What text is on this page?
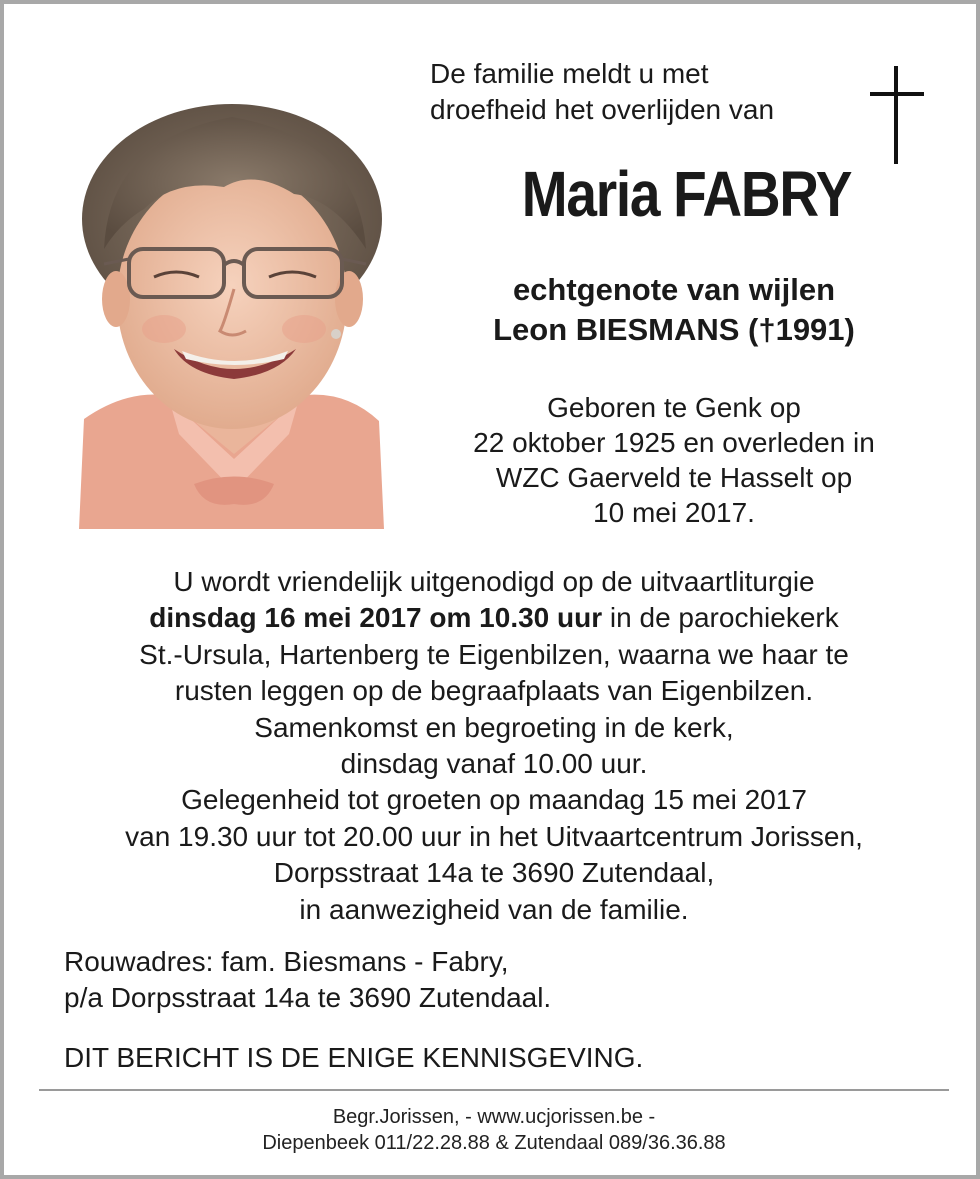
De familie meldt u met
droefheid het overlijden van
Maria FABRY
echtgenote van wijlen
Leon BIESMANS (†1991)
Geboren te Genk op
22 oktober 1925 en overleden in
WZC Gaerveld te Hasselt op
10 mei 2017.
U wordt vriendelijk uitgenodigd op de uitvaartliturgie
dinsdag 16 mei 2017 om 10.30 uur in de parochiekerk
St.-Ursula, Hartenberg te Eigenbilzen, waarna we haar te
rusten leggen op de begraafplaats van Eigenbilzen.
Samenkomst en begroeting in de kerk,
dinsdag vanaf 10.00 uur.
Gelegenheid tot groeten op maandag 15 mei 2017
van 19.30 uur tot 20.00 uur in het Uitvaartcentrum Jorissen,
Dorpsstraat 14a te 3690 Zutendaal,
in aanwezigheid van de familie.
Rouwadres: fam. Biesmans - Fabry,
p/a Dorpsstraat 14a te 3690 Zutendaal.
DIT BERICHT IS DE ENIGE KENNISGEVING.
Begr.Jorissen, - www.ucjorissen.be -
Diepenbeek 011/22.28.88 & Zutendaal 089/36.36.88
